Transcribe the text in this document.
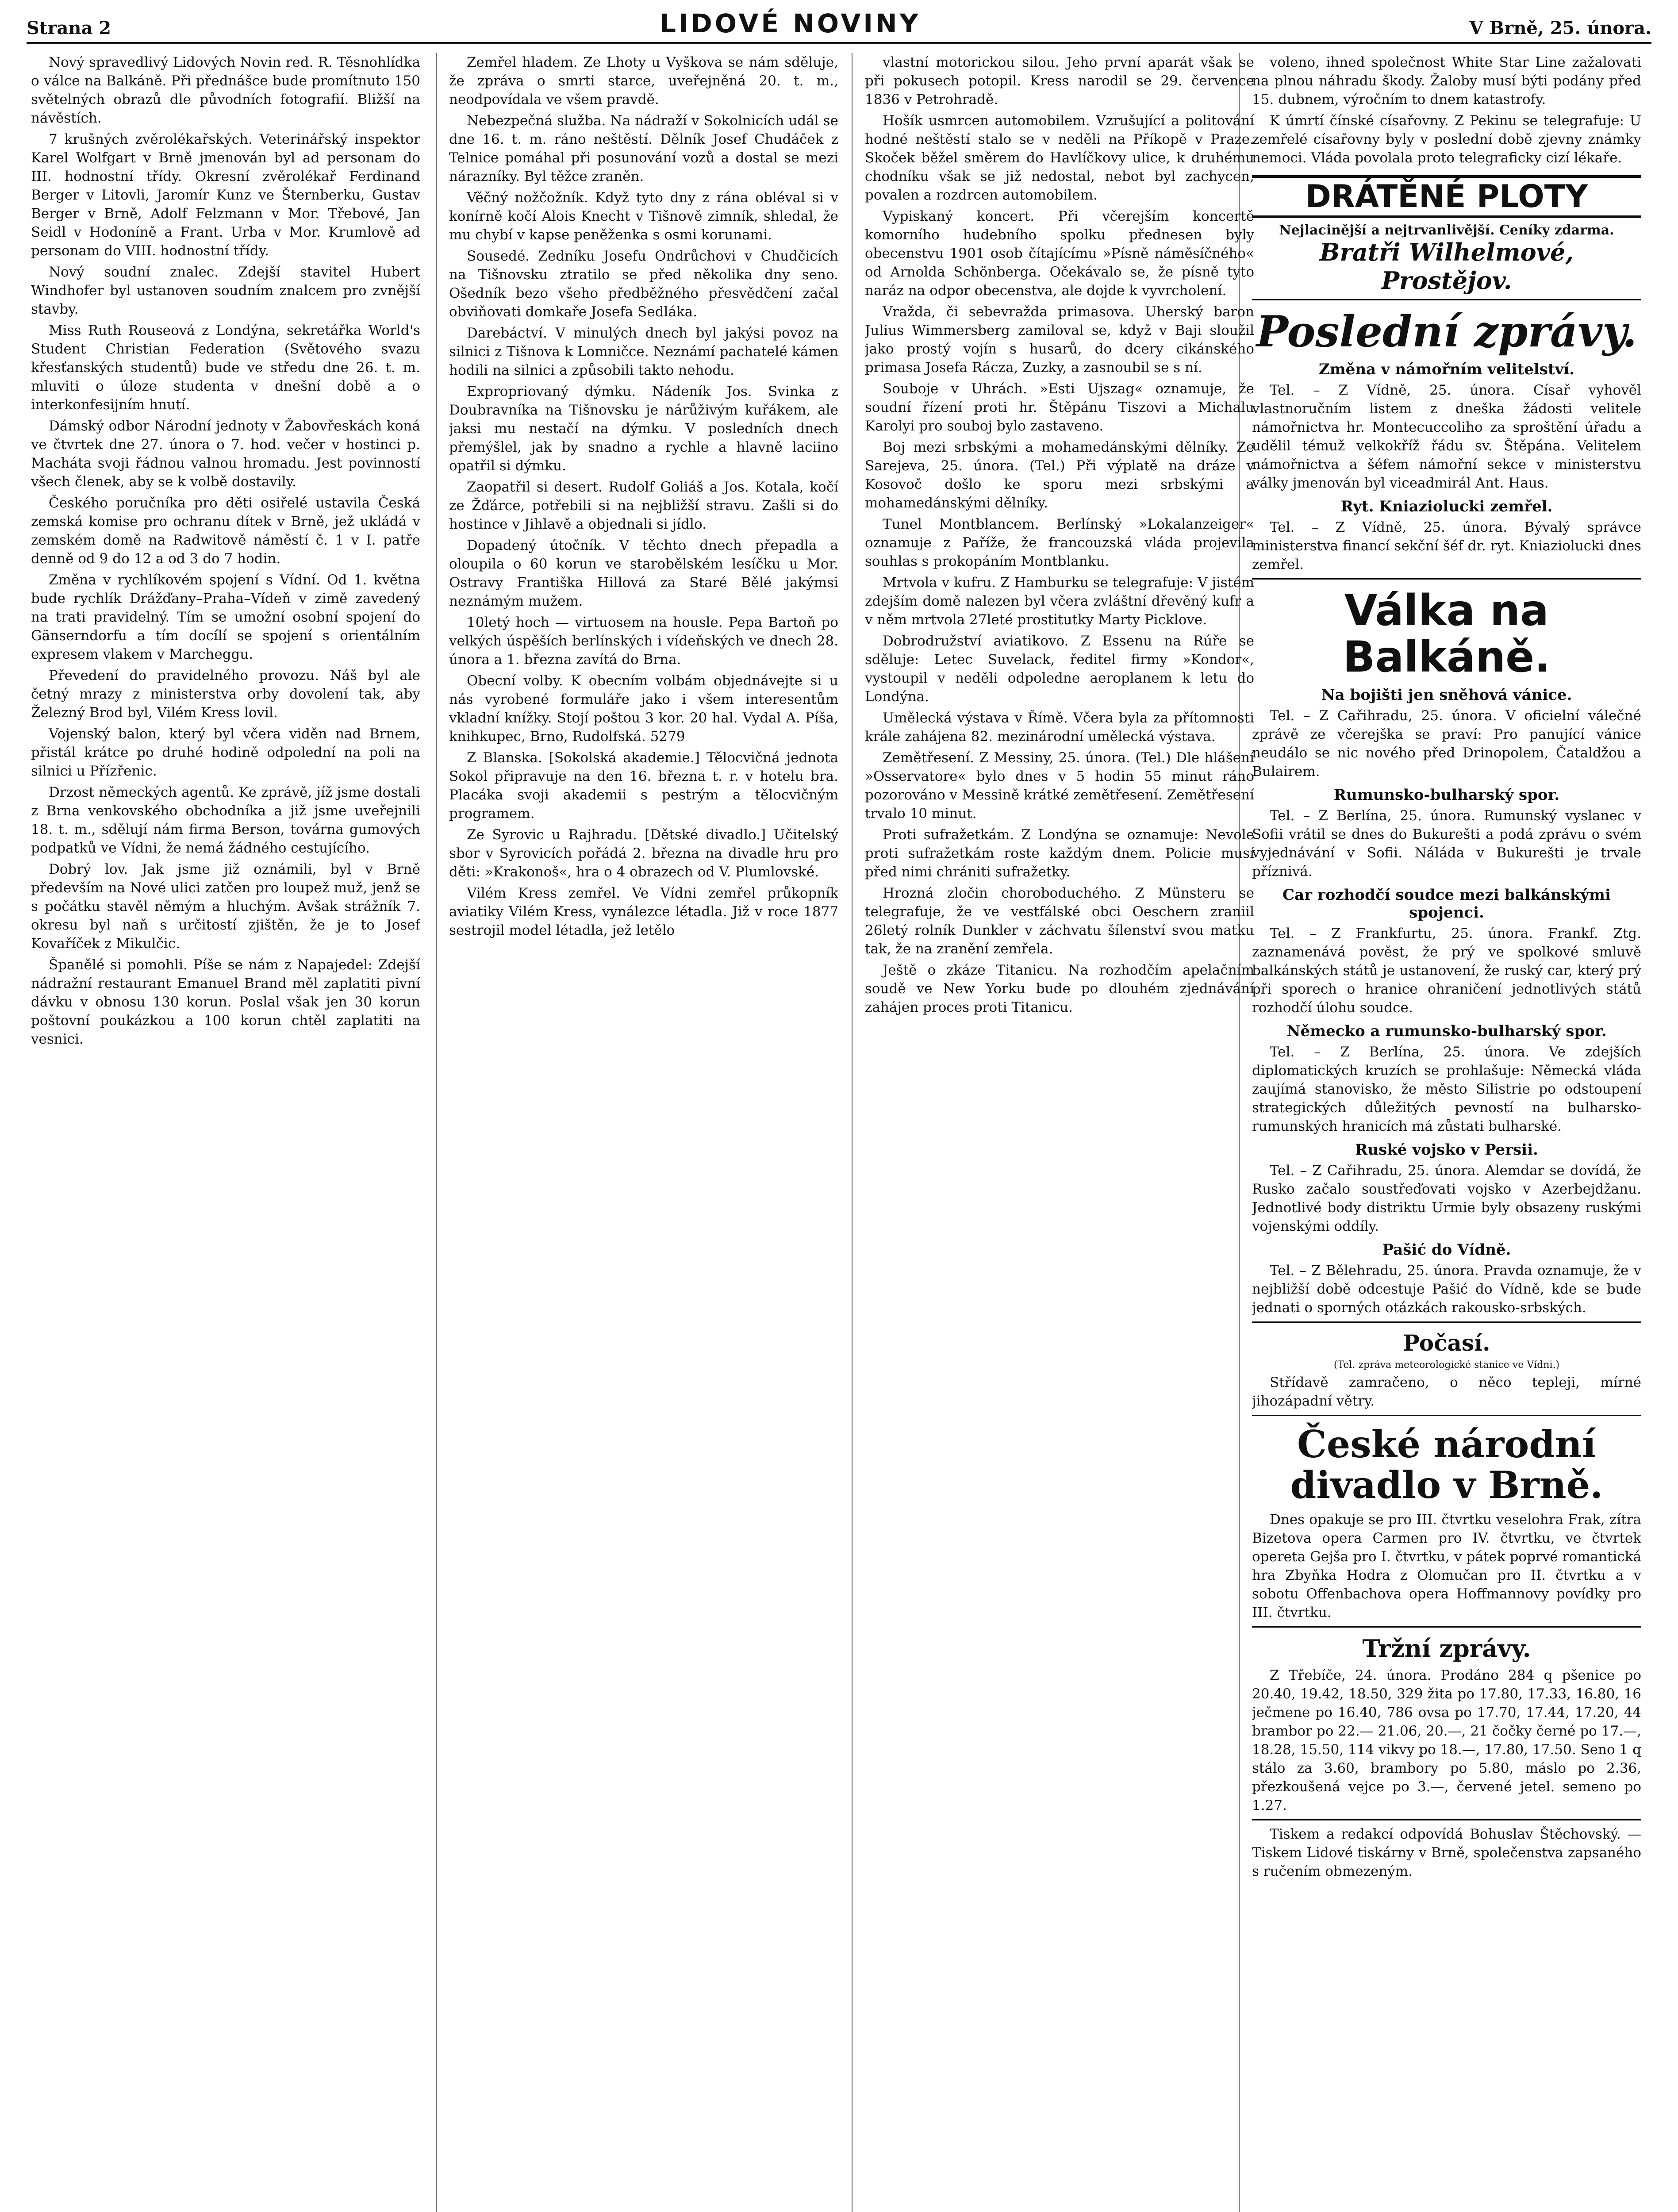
Strana 2	LIDOVÉ NOVINY	V Brně, 25. února.

Nový spravedlivý Lidových Novin red. R. Těsnohlídka o válce na Balkáně. Při přednášce bude promítnuto 150 světelných obrazů dle původních fotografií. Bližší na návěstích.

7 krušných zvěrolékařských. Veterinářský inspektor Karel Wolfgart v Brně jmenován byl ad personam do III. hodnostní třídy. Okresní zvěrolékař Ferdinand Berger v Litovli, Jaromír Kunz ve Šternberku, Gustav Berger v Brně, Adolf Felzmann v Mor. Třebové, Jan Seidl v Hodoníně a Frant. Urba v Mor. Krumlově ad personam do VIII. hodnostní třídy.

Nový soudní znalec. Zdejší stavitel Hubert Windhofer byl ustanoven soudním znalcem pro zvnější stavby.

Miss Ruth Rouseová z Londýna, sekretářka World's Student Christian Federation (Světového svazu křesťanských studentů) bude ve středu dne 26. t. m. mluviti o úloze studenta v dnešní době a o interkonfesijním hnutí.

Dámský odbor Národní jednoty v Žabovřeskách koná ve čtvrtek dne 27. února o 7. hod. večer v hostinci p. Macháta svoji řádnou valnou hromadu. Jest povinností všech členek, aby se k volbě dostavily.

Českého poručníka pro děti osiřelé ustavila Česká zemská komise pro ochranu dítek v Brně, jež ukládá v zemském domě na Radwitově náměstí č. 1 v I. patře denně od 9 do 12 a od 3 do 7 hodin.

Změna v rychlíkovém spojení s Vídní. Od 1. května bude rychlík Drážďany–Praha–Vídeň v zimě zavedený na trati pravidelný. Tím se umožní osobní spojení do Gänserndorfu a tím docílí se spojení s orientálním expresem vlakem v Marcheggu.

Převedení do pravidelného provozu. Náš byl ale četný mrazy z ministerstva orby dovolení tak, aby Železný Brod byl, Vilém Kress lovil.

Vojenský balon, který byl včera viděn nad Brnem, přistál krátce po druhé hodině odpolední na poli na silnici u Přízřenic.

Drzost německých agentů. Ke zprávě, jíž jsme dostali z Brna venkovského obchodníka a již jsme uveřejnili 18. t. m., sdělují nám firma Berson, továrna gumových podpatků ve Vídni, že nemá žádného cestujícího.

Dobrý lov. Jak jsme již oznámili, byl v Brně především na Nové ulici zatčen pro loupež muž, jenž se s počátku stavěl němým a hluchým. Avšak strážník 7. okresu byl naň s určitostí zjištěn, že je to Josef Kovaříček z Mikulčic.

Španělé si pomohli. Píše se nám z Napajedel: Zdejší nádražní restaurant Emanuel Brand měl zaplatiti pivní dávku v obnosu 130 korun. Poslal však jen 30 korun poštovní poukázkou a 100 korun chtěl zaplatiti na vesnici.

Zemřel hladem. Ze Lhoty u Vyškova se nám sděluje, že zpráva o smrti starce, uveřejněná 20. t. m., neodpovídala ve všem pravdě.

Nebezpečná služba. Na nádraží v Sokolnicích udál se dne 16. t. m. ráno neštěstí. Dělník Josef Chudáček z Telnice pomáhal při posunování vozů a dostal se mezi nárazníky. Byl těžce zraněn.

Věčný nožčožník. Když tyto dny z rána obléval si v konírně kočí Alois Knecht v Tišnově zimník, shledal, že mu chybí v kapse peněženka s osmi korunami.

Sousedé. Zedníku Josefu Ondrůchovi v Chudčicích na Tišnovsku ztratilo se před několika dny seno. Ošedník bezo všeho předběžného přesvědčení začal obviňovati domkaře Josefa Sedláka.

Darebáctví. V minulých dnech byl jakýsi povoz na silnici z Tišnova k Lomničce. Neznámí pachatelé kámen hodili na silnici a způsobili takto nehodu.

Expropriovaný dýmku. Nádeník Jos. Svinka z Doubravníka na Tišnovsku je nárůživým kuřákem, ale jaksi mu nestačí na dýmku. V posledních dnech přemýšlel, jak by snadno a rychle a hlavně laciino opatřil si dýmku.

Zaopatřil si desert. Rudolf Goliáš a Jos. Kotala, kočí ze Žďárce, potřebili si na nejbližší stravu. Zašli si do hostince v Jihlavě a objednali si jídlo.

Dopadený útočník. V těchto dnech přepadla a oloupila o 60 korun ve starobělském lesíčku u Mor. Ostravy Františka Hillová za Staré Bělé jakýmsi neznámým mužem.

10letý hoch — virtuosem na housle. Pepa Bartoň po velkých úspěších berlínských i vídeňských ve dnech 28. února a 1. března zavítá do Brna.

Obecní volby. K obecním volbám objednávejte si u nás vyrobené formuláře jako i všem interesentům vkladní knížky. Stojí poštou 3 kor. 20 hal. Vydal A. Píša, knihkupec, Brno, Rudolfská. 5279

Z Blanska. [Sokolská akademie.] Tělocvičná jednota Sokol připravuje na den 16. března t. r. v hotelu bra. Placáka svoji akademii s pestrým a tělocvičným programem.

Ze Syrovic u Rajhradu. [Dětské divadlo.] Učitelský sbor v Syrovicích pořádá 2. března na divadle hru pro děti: »Krakonoš«, hra o 4 obrazech od V. Plumlovské.

Vilém Kress zemřel. Ve Vídni zemřel průkopník aviatiky Vilém Kress, vynálezce létadla. Již v roce 1877 sestrojil model létadla, jež letělo

vlastní motorickou silou. Jeho první aparát však se při pokusech potopil. Kress narodil se 29. července 1836 v Petrohradě.

Hošík usmrcen automobilem. Vzrušující a politování hodné neštěstí stalo se v neděli na Příkopě v Praze. Skoček běžel směrem do Havlíčkovy ulice, k druhému chodníku však se již nedostal, nebot byl zachycen, povalen a rozdrcen automobilem.

Vypiskaný koncert. Při včerejším koncertě komorního hudebního spolku přednesen byly obecenstvu 1901 osob čítajícímu »Písně náměsíčného« od Arnolda Schönberga. Očekávalo se, že písně tyto naráz na odpor obecenstva, ale dojde k vyvrcholení.

Vražda, či sebevražda primasova. Uherský baron Julius Wimmersberg zamiloval se, když v Baji sloužil jako prostý vojín s husarů, do dcery cikánského primasa Josefa Rácza, Zuzky, a zasnoubil se s ní.

Souboje v Uhrách. »Esti Ujszag« oznamuje, že soudní řízení proti hr. Štěpánu Tiszovi a Michalu Karolyi pro souboj bylo zastaveno.

Boj mezi srbskými a mohamedánskými dělníky. Ze Sarejeva, 25. února. (Tel.) Při výplatě na dráze v Kosovoč došlo ke sporu mezi srbskými a mohamedánskými dělníky.

Tunel Montblancem. Berlínský »Lokalanzeiger« oznamuje z Paříže, že francouzská vláda projevila souhlas s prokopáním Montblanku.

Mrtvola v kufru. Z Hamburku se telegrafuje: V jistém zdejším domě nalezen byl včera zvláštní dřevěný kufr a v něm mrtvola 27leté prostitutky Marty Picklove.

Dobrodružství aviatikovo. Z Essenu na Rúře se sděluje: Letec Suvelack, ředitel firmy »Kondor«, vystoupil v neděli odpoledne aeroplanem k letu do Londýna.

Umělecká výstava v Římě. Včera byla za přítomnosti krále zahájena 82. mezinárodní umělecká výstava.

Zemětřesení. Z Messiny, 25. února. (Tel.) Dle hlášení »Osservatore« bylo dnes v 5 hodin 55 minut ráno pozorováno v Messině krátké zemětřesení. Zemětřesení trvalo 10 minut.

Proti sufražetkám. Z Londýna se oznamuje: Nevole proti sufražetkám roste každým dnem. Policie musí před nimi chrániti sufražetky.

Hrozná zločin choroboduchého. Z Münsteru se telegrafuje, že ve vestfálské obci Oeschern zraniil 26letý rolník Dunkler v záchvatu šílenství svou matku tak, že na zranění zemřela.

Ještě o zkáze Titanicu. Na rozhodčím apelačním soudě ve New Yorku bude po dlouhém zjednávání zahájen proces proti Titanicu.

voleno, ihned společnost White Star Line zažalovati na plnou náhradu škody. Žaloby musí býti podány před 15. dubnem, výročním to dnem katastrofy.

K úmrtí čínské císařovny. Z Pekinu se telegrafuje: U zemřelé císařovny byly v poslední době zjevny známky nemoci. Vláda povolala proto telegraficky cizí lékaře.

DRÁTĚNÉ PLOTY
Nejlacinější a nejtrvanlivější. Ceníky zdarma.
Bratři Wilhelmové, Prostějov.
Poslední zprávy.
Změna v námořním velitelství.

Tel. – Z Vídně, 25. února. Císař vyhověl vlastnoručním listem z dneška žádosti velitele námořnictva hr. Montecuccoliho za sproštění úřadu a udělil témuž velkokříž řádu sv. Štěpána. Velitelem námořnictva a šéfem námořní sekce v ministerstvu války jmenován byl viceadmirál Ant. Haus.

Ryt. Kniaziolucki zemřel.

Tel. – Z Vídně, 25. února. Bývalý správce ministerstva financí sekční šéf dr. ryt. Kniaziolucki dnes zemřel.

Válka na Balkáně.
Na bojišti jen sněhová vánice.

Tel. – Z Cařihradu, 25. února. V oficielní válečné zprávě ze včerejška se praví: Pro panující vánice neudálo se nic nového před Drinopolem, Čataldžou a Bulairem.

Rumunsko-bulharský spor.

Tel. – Z Berlína, 25. února. Rumunský vyslanec v Sofii vrátil se dnes do Bukurešti a podá zprávu o svém vyjednávání v Sofii. Náláda v Bukurešti je trvale příznivá.

Car rozhodčí soudce mezi balkánskými spojenci.

Tel. – Z Frankfurtu, 25. února. Frankf. Ztg. zaznamenává pověst, že prý ve spolkové smluvě balkánských států je ustanovení, že ruský car, který prý při sporech o hranice ohraničení jednotlivých států rozhodčí úlohu soudce.

Německo a rumunsko-bulharský spor.

Tel. – Z Berlína, 25. února. Ve zdejších diplomatických kruzích se prohlašuje: Německá vláda zaujímá stanovisko, že město Silistrie po odstoupení strategických důležitých pevností na bulharsko-rumunských hranicích má zůstati bulharské.

Ruské vojsko v Persii.

Tel. – Z Cařihradu, 25. února. Alemdar se dovídá, že Rusko začalo soustřeďovati vojsko v Azerbejdžanu. Jednotlivé body distriktu Urmie byly obsazeny ruskými vojenskými oddíly.

Pašić do Vídně.

Tel. – Z Bělehradu, 25. února. Pravda oznamuje, že v nejbližší době odcestuje Pašić do Vídně, kde se bude jednati o sporných otázkách rakousko-srbských.

Počasí.
(Tel. zpráva meteorologické stanice ve Vídni.)

Střídavě zamračeno, o něco tepleji, mírné jihozápadní větry.

České národní divadlo v Brně.

Dnes opakuje se pro III. čtvrtku veselohra Frak, zítra Bizetova opera Carmen pro IV. čtvrtku, ve čtvrtek opereta Gejša pro I. čtvrtku, v pátek poprvé romantická hra Zbyňka Hodra z Olomučan pro II. čtvrtku a v sobotu Offenbachova opera Hoffmannovy povídky pro III. čtvrtku.

Tržní zprávy.

Z Třebíče, 24. února. Prodáno 284 q pšenice po 20.40, 19.42, 18.50, 329 žita po 17.80, 17.33, 16.80, 16 ječmene po 16.40, 786 ovsa po 17.70, 17.44, 17.20, 44 brambor po 22.— 21.06, 20.—, 21 čočky černé po 17.—, 18.28, 15.50, 114 vikvy po 18.—, 17.80, 17.50. Seno 1 q stálo za 3.60, brambory po 5.80, máslo po 2.36, přezkoušená vejce po 3.—, červené jetel. semeno po 1.27.

Tiskem a redakcí odpovídá Bohuslav Štěchovský. — Tiskem Lidové tiskárny v Brně, společenstva zapsaného s ručením obmezeným.
